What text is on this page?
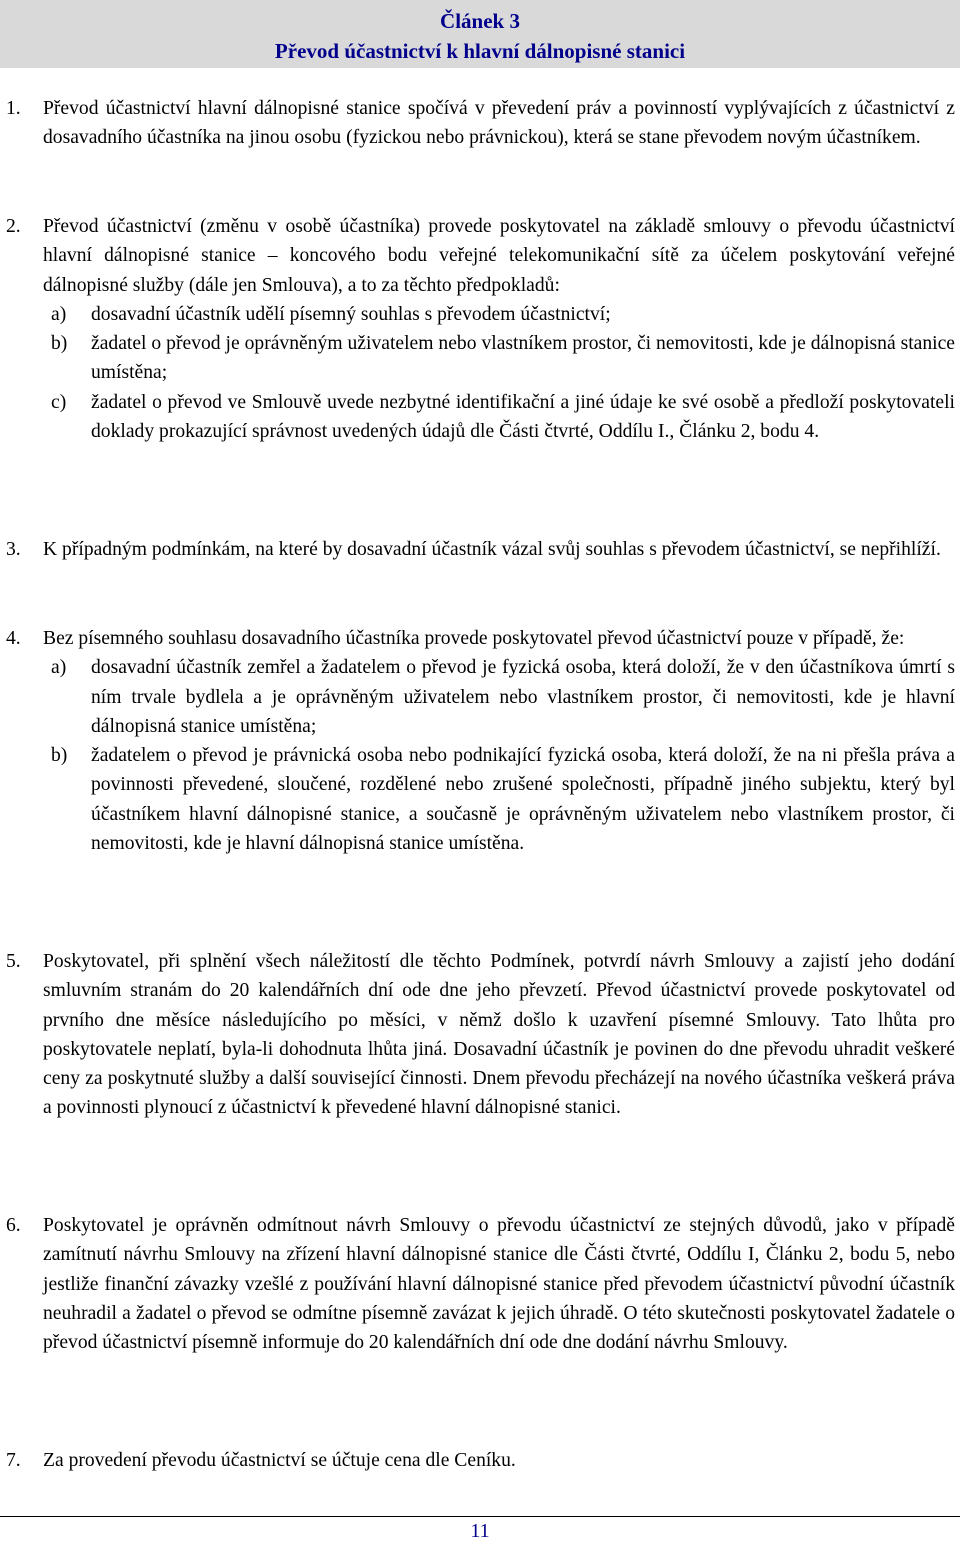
Článek 3
Převod účastnictví k hlavní dálnopisné stanici
1. Převod účastnictví hlavní dálnopisné stanice spočívá v převedení práv a povinností vyplývajících z účastnictví z dosavadního účastníka na jinou osobu (fyzickou nebo právnickou), která se stane převodem novým účastníkem.
2. Převod účastnictví (změnu v osobě účastníka) provede poskytovatel na základě smlouvy o převodu účastnictví hlavní dálnopisné stanice – koncového bodu veřejné telekomunikační sítě za účelem poskytování veřejné dálnopisné služby (dále jen Smlouva), a to za těchto předpokladů:
a) dosavadní účastník udělí písemný souhlas s převodem účastnictví;
b) žadatel o převod je oprávněným uživatelem nebo vlastníkem prostor, či nemovitosti, kde je dálnopisná stanice umístěna;
c) žadatel o převod ve Smlouvě uvede nezbytné identifikační a jiné údaje ke své osobě a předloží poskytovateli doklady prokazující správnost uvedených údajů dle Části čtvrté, Oddílu I., Článku 2, bodu 4.
3. K případným podmínkám, na které by dosavadní účastník vázal svůj souhlas s převodem účastnictví, se nepřihlíží.
4. Bez písemného souhlasu dosavadního účastníka provede poskytovatel převod účastnictví pouze v případě, že:
a) dosavadní účastník zemřel a žadatelem o převod je fyzická osoba, která doloží, že v den účastníkova úmrtí s ním trvale bydlela a je oprávněným uživatelem nebo vlastníkem prostor, či nemovitosti, kde je hlavní dálnopisná stanice umístěna;
b) žadatelem o převod je právnická osoba nebo podnikající fyzická osoba, která doloží, že na ni přešla práva a povinnosti převedené, sloučené, rozdělené nebo zrušené společnosti, případně jiného subjektu, který byl účastníkem hlavní dálnopisné stanice, a současně je oprávněným uživatelem nebo vlastníkem prostor, či nemovitosti, kde je hlavní dálnopisná stanice umístěna.
5. Poskytovatel, při splnění všech náležitostí dle těchto Podmínek, potvrdí návrh Smlouvy a zajistí jeho dodání smluvním stranám do 20 kalendářních dní ode dne jeho převzetí. Převod účastnictví provede poskytovatel od prvního dne měsíce následujícího po měsíci, v němž došlo k uzavření písemné Smlouvy. Tato lhůta pro poskytovatele neplatí, byla-li dohodnuta lhůta jiná. Dosavadní účastník je povinen do dne převodu uhradit veškeré ceny za poskytnuté služby a další související činnosti. Dnem převodu přecházejí na nového účastníka veškerá práva a povinnosti plynoucí z účastnictví k převedené hlavní dálnopisné stanici.
6. Poskytovatel je oprávněn odmítnout návrh Smlouvy o převodu účastnictví ze stejných důvodů, jako v případě zamítnutí návrhu Smlouvy na zřízení hlavní dálnopisné stanice dle Části čtvrté, Oddílu I, Článku 2, bodu 5, nebo jestliže finanční závazky vzešlé z používání hlavní dálnopisné stanice před převodem účastnictví původní účastník neuhradil a žadatel o převod se odmítne písemně zavázat k jejich úhradě. O této skutečnosti poskytovatel žadatele o převod účastnictví písemně informuje do 20 kalendářních dní ode dne dodání návrhu Smlouvy.
7. Za provedení převodu účastnictví se účtuje cena dle Ceníku.
11
